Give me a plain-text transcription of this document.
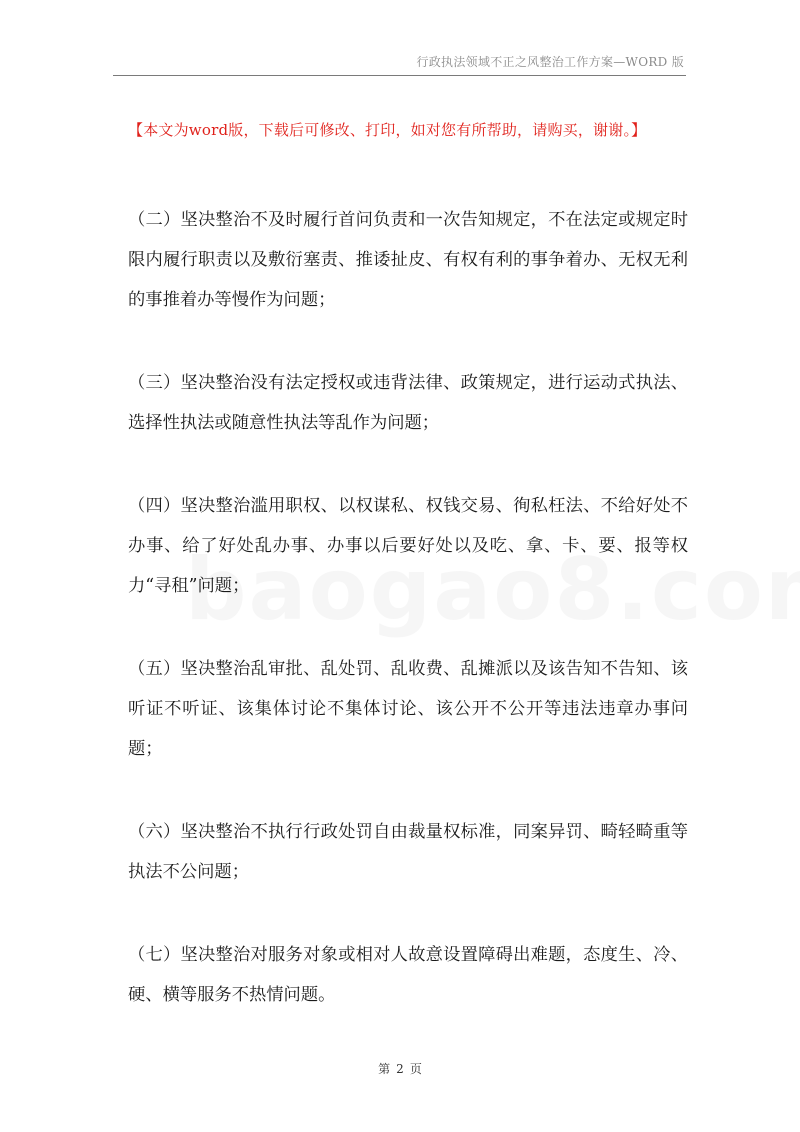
行政执法领域不正之风整治工作方案—WORD 版
【本文为word版，下载后可修改、打印，如对您有所帮助，请购买，谢谢。】

（二）坚决整治不及时履行首问负责和一次告知规定，不在法定或规定时限内履行职责以及敷衍塞责、推诿扯皮、有权有利的事争着办、无权无利的事推着办等慢作为问题；

（三）坚决整治没有法定授权或违背法律、政策规定，进行运动式执法、选择性执法或随意性执法等乱作为问题；

（四）坚决整治滥用职权、以权谋私、权钱交易、徇私枉法、不给好处不办事、给了好处乱办事、办事以后要好处以及吃、拿、卡、要、报等权力“寻租”问题；

（五）坚决整治乱审批、乱处罚、乱收费、乱摊派以及该告知不告知、该听证不听证、该集体讨论不集体讨论、该公开不公开等违法违章办事问题；

（六）坚决整治不执行行政处罚自由裁量权标准，同案异罚、畸轻畸重等执法不公问题；

（七）坚决整治对服务对象或相对人故意设置障碍出难题，态度生、冷、硬、横等服务不热情问题。

第 2 页
